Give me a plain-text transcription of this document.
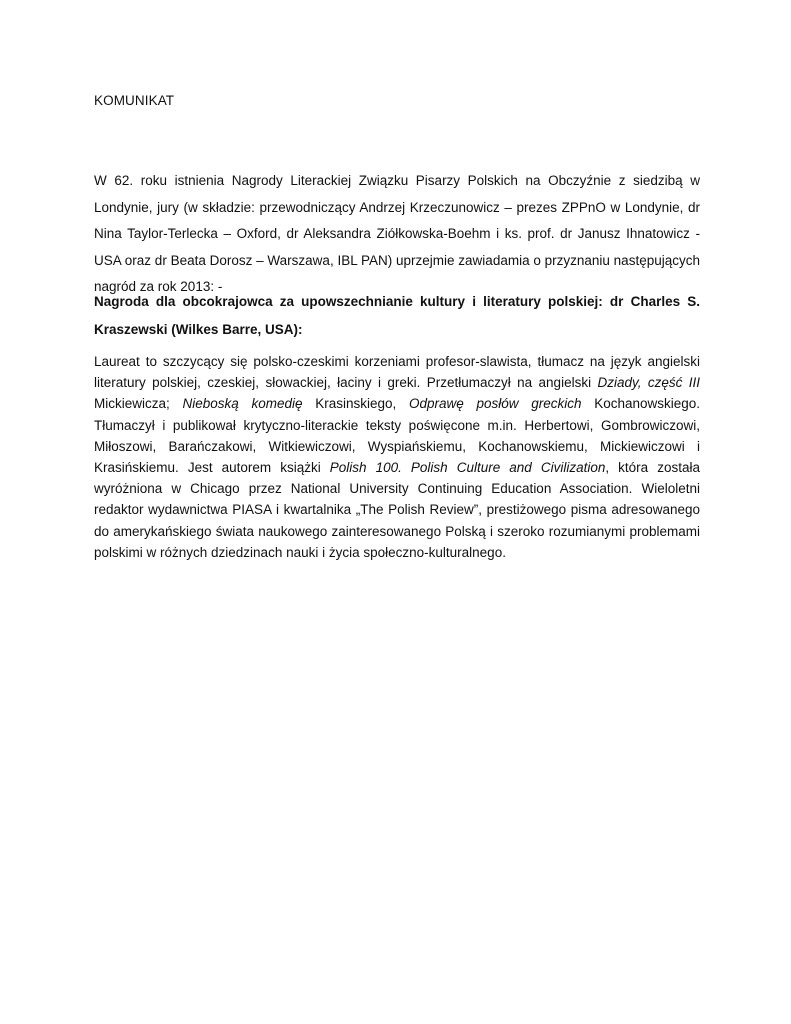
KOMUNIKAT

W 62. roku istnienia Nagrody Literackiej Związku Pisarzy Polskich na Obczyźnie z siedzibą w Londynie, jury (w składzie: przewodniczący Andrzej Krzeczunowicz – prezes ZPPnO w Londynie, dr Nina Taylor-Terlecka – Oxford, dr Aleksandra Ziółkowska-Boehm i ks. prof. dr Janusz Ihnatowicz - USA oraz dr Beata Dorosz – Warszawa, IBL PAN) uprzejmie zawiadamia o przyznaniu następujących nagród za rok 2013: -

Nagroda dla obcokrajowca za upowszechnianie kultury i literatury polskiej: dr Charles S. Kraszewski (Wilkes Barre, USA):

Laureat to szczycący się polsko-czeskimi korzeniami profesor-slawista, tłumacz na język angielski literatury polskiej, czeskiej, słowackiej, łaciny i greki. Przetłumaczył na angielski Dziady, część III Mickiewicza; Nieboską komedię Krasinskiego, Odprawę posłów greckich Kochanowskiego. Tłumaczył i publikował krytyczno-literackie teksty poświęcone m.in. Herbertowi, Gombrowiczowi, Miłoszowi, Barańczakowi, Witkiewiczowi, Wyspiańskiemu, Kochanowskiemu, Mickiewiczowi i Krasińskiemu. Jest autorem książki Polish 100. Polish Culture and Civilization, która została wyróżniona w Chicago przez National University Continuing Education Association. Wieloletni redaktor wydawnictwa PIASA i kwartalnika „The Polish Review”, prestiżowego pisma adresowanego do amerykańskiego świata naukowego zainteresowanego Polską i szeroko rozumianymi problemami polskimi w różnych dziedzinach nauki i życia społeczno-kulturalnego.
